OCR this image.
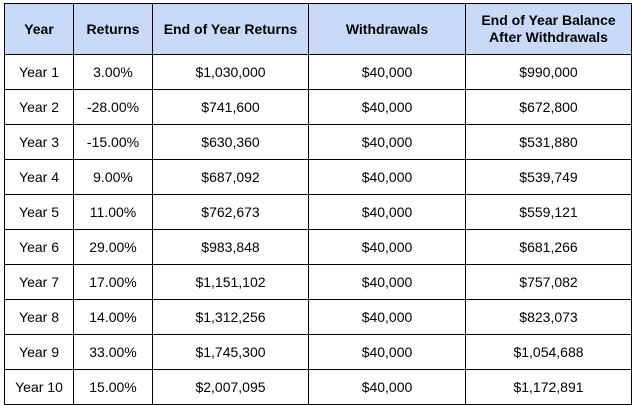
Year	Returns	End of Year Returns	Withdrawals	End of Year Balance
After Withdrawals
Year 1	3.00%	$1,030,000	$40,000	$990,000
Year 2	-28.00%	$741,600	$40,000	$672,800
Year 3	-15.00%	$630,360	$40,000	$531,880
Year 4	9.00%	$687,092	$40,000	$539,749
Year 5	11.00%	$762,673	$40,000	$559,121
Year 6	29.00%	$983,848	$40,000	$681,266
Year 7	17.00%	$1,151,102	$40,000	$757,082
Year 8	14.00%	$1,312,256	$40,000	$823,073
Year 9	33.00%	$1,745,300	$40,000	$1,054,688
Year 10	15.00%	$2,007,095	$40,000	$1,172,891
